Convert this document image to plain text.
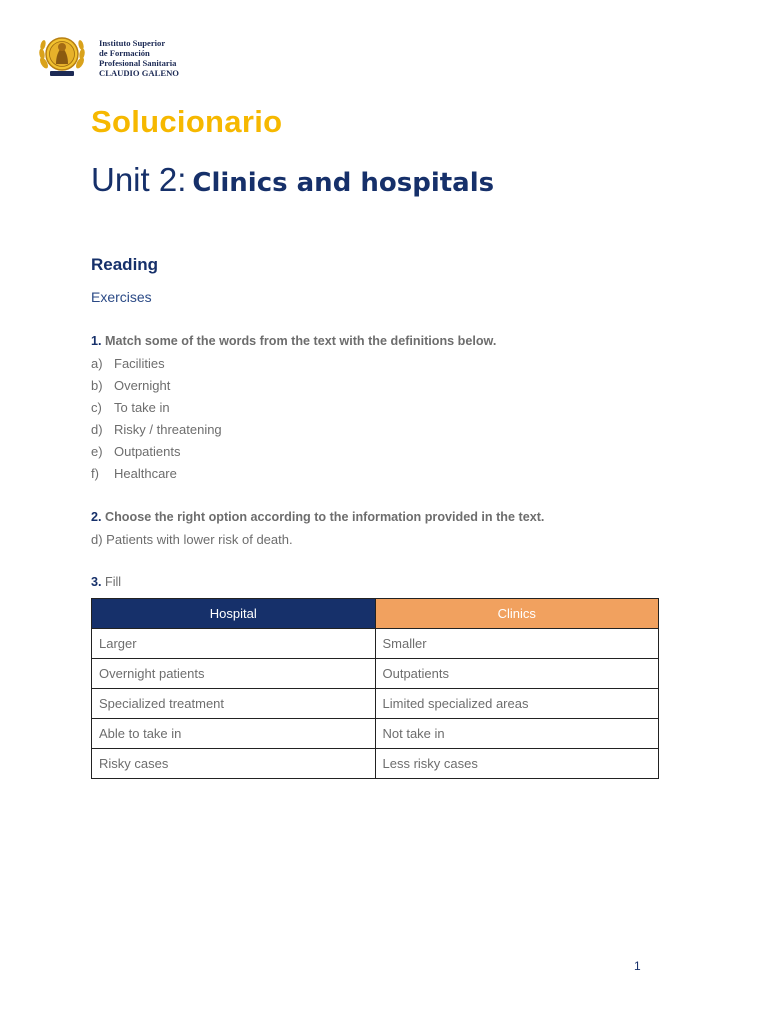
Instituto Superior
de Formación
Profesional Sanitaria
CLAUDIO GALENO
Solucionario
Unit 2: Clinics and hospitals
Reading
Exercises
1. Match some of the words from the text with the definitions below.
a) Facilities
b) Overnight
c) To take in
d) Risky / threatening
e) Outpatients
f) Healthcare
2. Choose the right option according to the information provided in the text.
d) Patients with lower risk of death.
3. Fill
Hospital	Clinics
Larger	Smaller
Overnight patients	Outpatients
Specialized treatment	Limited specialized areas
Able to take in	Not take in
Risky cases	Less risky cases
1
